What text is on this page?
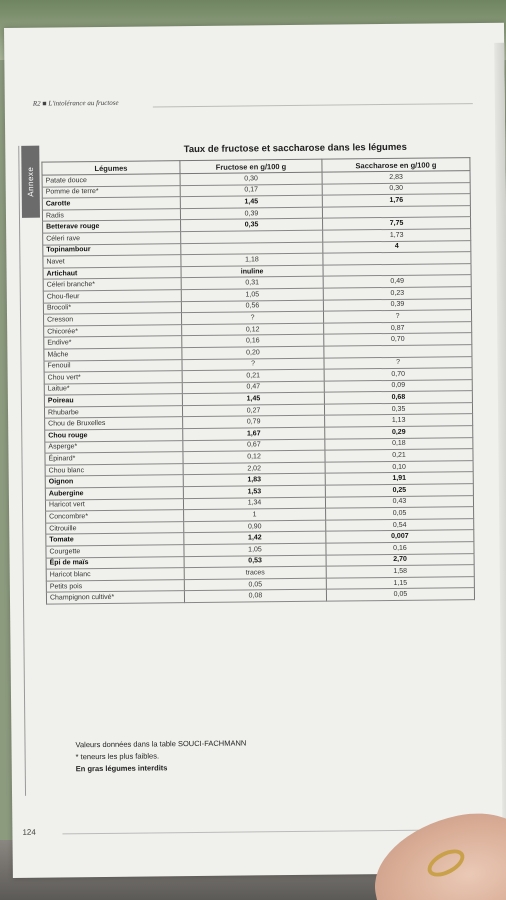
R2 ■ L'intolérance au fructose
Annexe
Taux de fructose et saccharose dans les légumes
Légumes	Fructose en g/100 g	Saccharose en g/100 g
Patate douce	0,30	2,83
Pomme de terre*	0,17	0,30
Carotte	1,45	1,76
Radis	0,39	
Betterave rouge	0,35	7,75
Céleri rave		1,73
Topinambour		4
Navet	1,18	
Artichaut	inuline	
Céleri branche*	0,31	0,49
Chou-fleur	1,05	0,23
Brocoli*	0,56	0,39
Cresson	?	?
Chicorée*	0,12	0,87
Endive*	0,16	0,70
Mâche	0,20	
Fenouil	?	?
Chou vert*	0,21	0,70
Laitue*	0,47	0,09
Poireau	1,45	0,68
Rhubarbe	0,27	0,35
Chou de Bruxelles	0,79	1,13
Chou rouge	1,67	0,29
Asperge*	0,67	0,18
Épinard*	0,12	0,21
Chou blanc	2,02	0,10
Oignon	1,83	1,91
Aubergine	1,53	0,25
Haricot vert	1,34	0,43
Concombre*	1	0,05
Citrouille	0,90	0,54
Tomate	1,42	0,007
Courgette	1,05	0,16
Épi de maïs	0,53	2,70
Haricot blanc	traces	1,58
Petits pois	0,05	1,15
Champignon cultivé*	0,08	0,05
Valeurs données dans la table SOUCI-FACHMANN
* teneurs les plus faibles.
En gras légumes interdits
124
